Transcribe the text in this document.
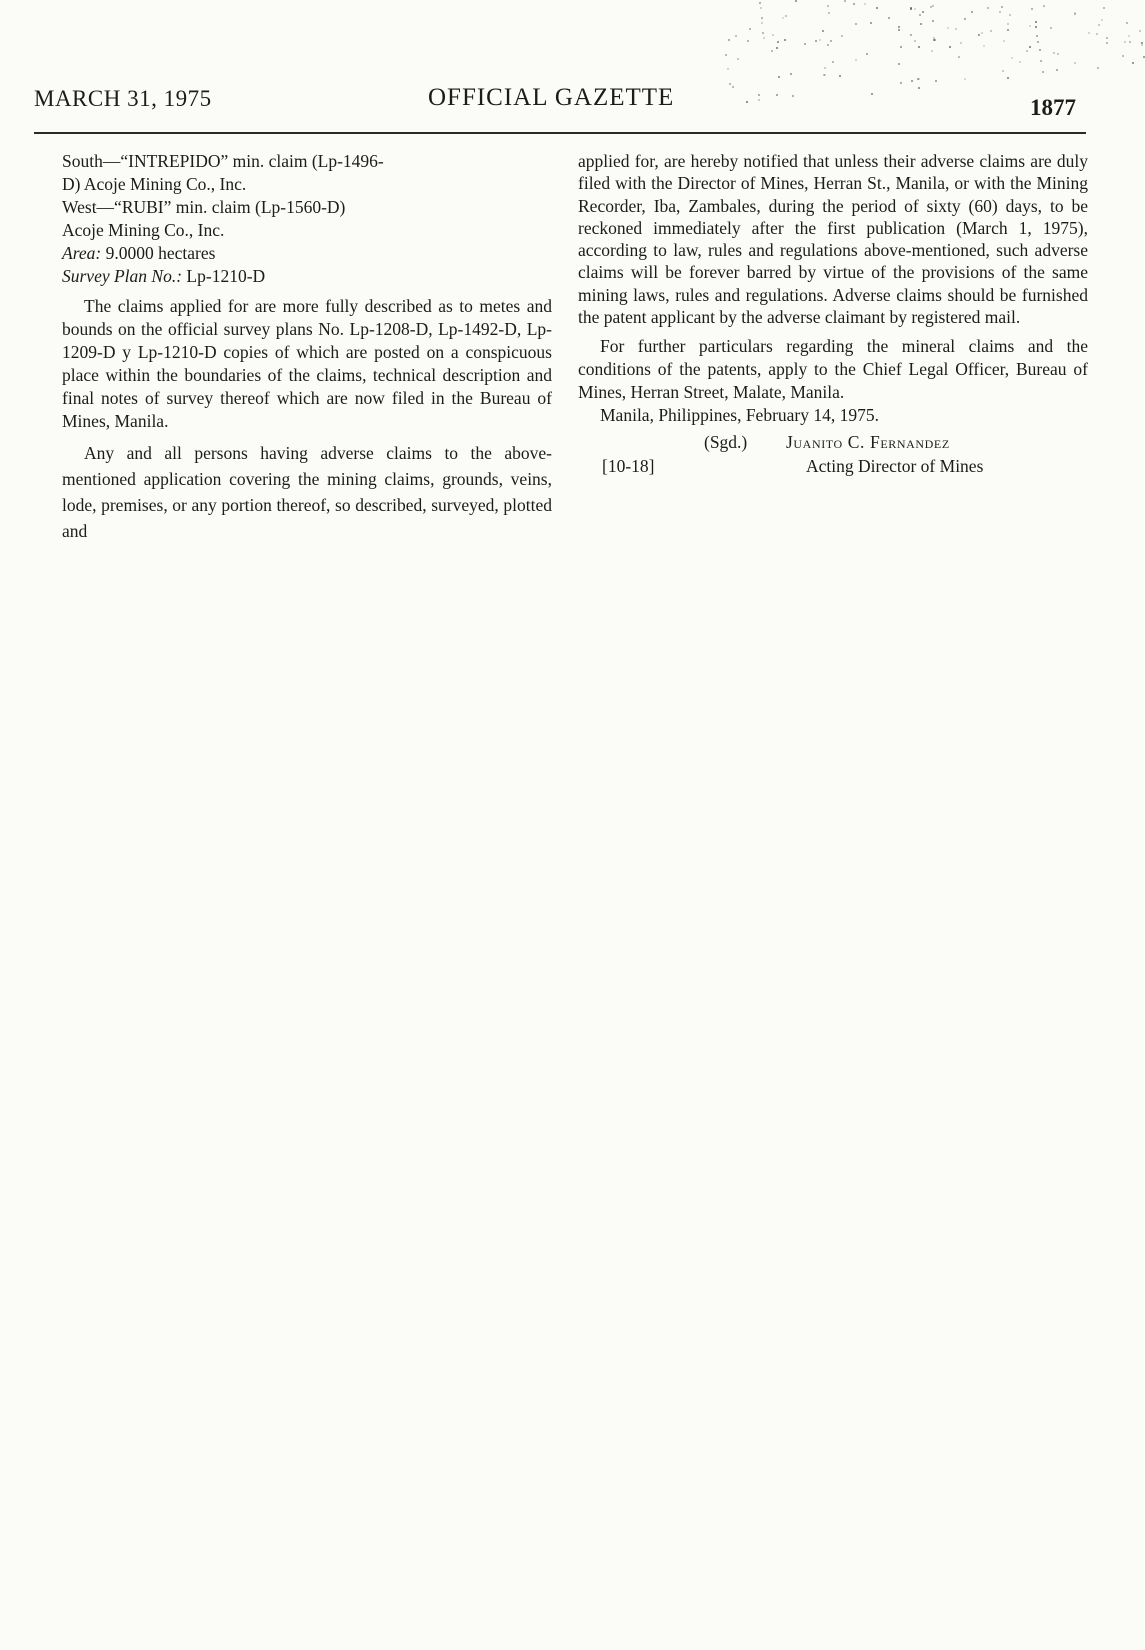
MARCH 31, 1975	OFFICIAL GAZETTE	1877

South—“INTREPIDO” min. claim (Lp-1496-
D) Acoje Mining Co., Inc.

West—“RUBI” min. claim (Lp-1560-D)
Acoje Mining Co., Inc.

Area: 9.0000 hectares

Survey Plan No.: Lp-1210-D

The claims applied for are more fully described as to metes and bounds on the official survey plans No. Lp-1208-D, Lp-1492-D, Lp-1209-D y Lp-1210-D copies of which are posted on a conspicuous place within the boundaries of the claims, technical description and final notes of survey thereof which are now filed in the Bureau of Mines, Manila.

Any and all persons having adverse claims to the above-mentioned application covering the mining claims, grounds, veins, lode, premises, or any portion thereof, so described, surveyed, plotted and

applied for, are hereby notified that unless their adverse claims are duly filed with the Director of Mines, Herran St., Manila, or with the Mining Recorder, Iba, Zambales, during the period of sixty (60) days, to be reckoned immediately after the first publication (March 1, 1975), according to law, rules and regulations above-mentioned, such adverse claims will be forever barred by virtue of the provisions of the same mining laws, rules and regulations. Adverse claims should be furnished the patent applicant by the adverse claimant by registered mail.

For further particulars regarding the mineral claims and the conditions of the patents, apply to the Chief Legal Officer, Bureau of Mines, Herran Street, Malate, Manila.

Manila, Philippines, February 14, 1975.

(Sgd.) Juanito C. Fernandez
[10-18]	Acting Director of Mines
